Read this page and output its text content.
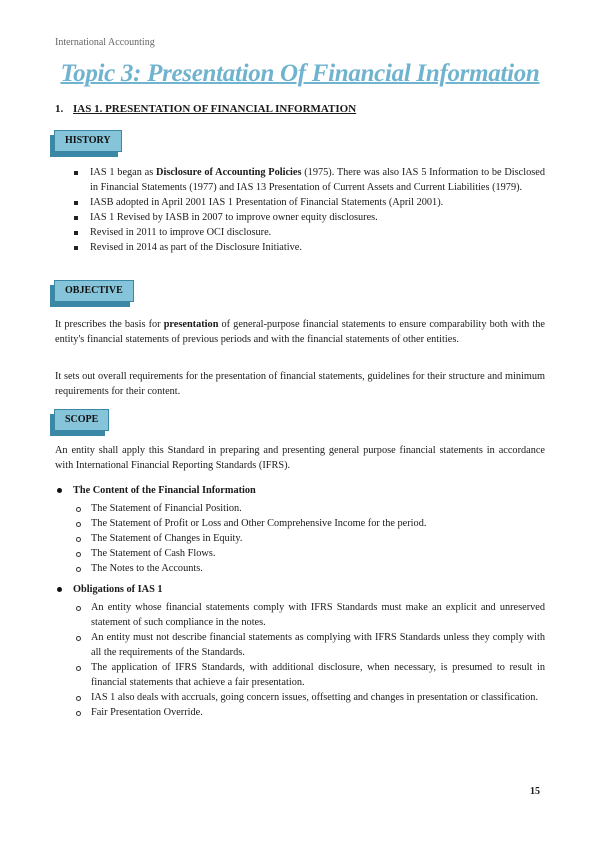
International Accounting
Topic 3: Presentation Of Financial Information
1. IAS 1. PRESENTATION OF FINANCIAL INFORMATION
HISTORY
IAS 1 began as Disclosure of Accounting Policies (1975). There was also IAS 5 Information to be Disclosed in Financial Statements (1977) and IAS 13 Presentation of Current Assets and Current Liabilities (1979).
IASB adopted in April 2001 IAS 1 Presentation of Financial Statements (April 2001).
IAS 1 Revised by IASB in 2007 to improve owner equity disclosures.
Revised in 2011 to improve OCI disclosure.
Revised in 2014 as part of the Disclosure Initiative.
OBJECTIVE
It prescribes the basis for presentation of general-purpose financial statements to ensure comparability both with the entity's financial statements of previous periods and with the financial statements of other entities.
It sets out overall requirements for the presentation of financial statements, guidelines for their structure and minimum requirements for their content.
SCOPE
An entity shall apply this Standard in preparing and presenting general purpose financial statements in accordance with International Financial Reporting Standards (IFRS).
The Content of the Financial Information
The Statement of Financial Position.
The Statement of Profit or Loss and Other Comprehensive Income for the period.
The Statement of Changes in Equity.
The Statement of Cash Flows.
The Notes to the Accounts.
Obligations of IAS 1
An entity whose financial statements comply with IFRS Standards must make an explicit and unreserved statement of such compliance in the notes.
An entity must not describe financial statements as complying with IFRS Standards unless they comply with all the requirements of the Standards.
The application of IFRS Standards, with additional disclosure, when necessary, is presumed to result in financial statements that achieve a fair presentation.
IAS 1 also deals with accruals, going concern issues, offsetting and changes in presentation or classification.
Fair Presentation Override.
15
